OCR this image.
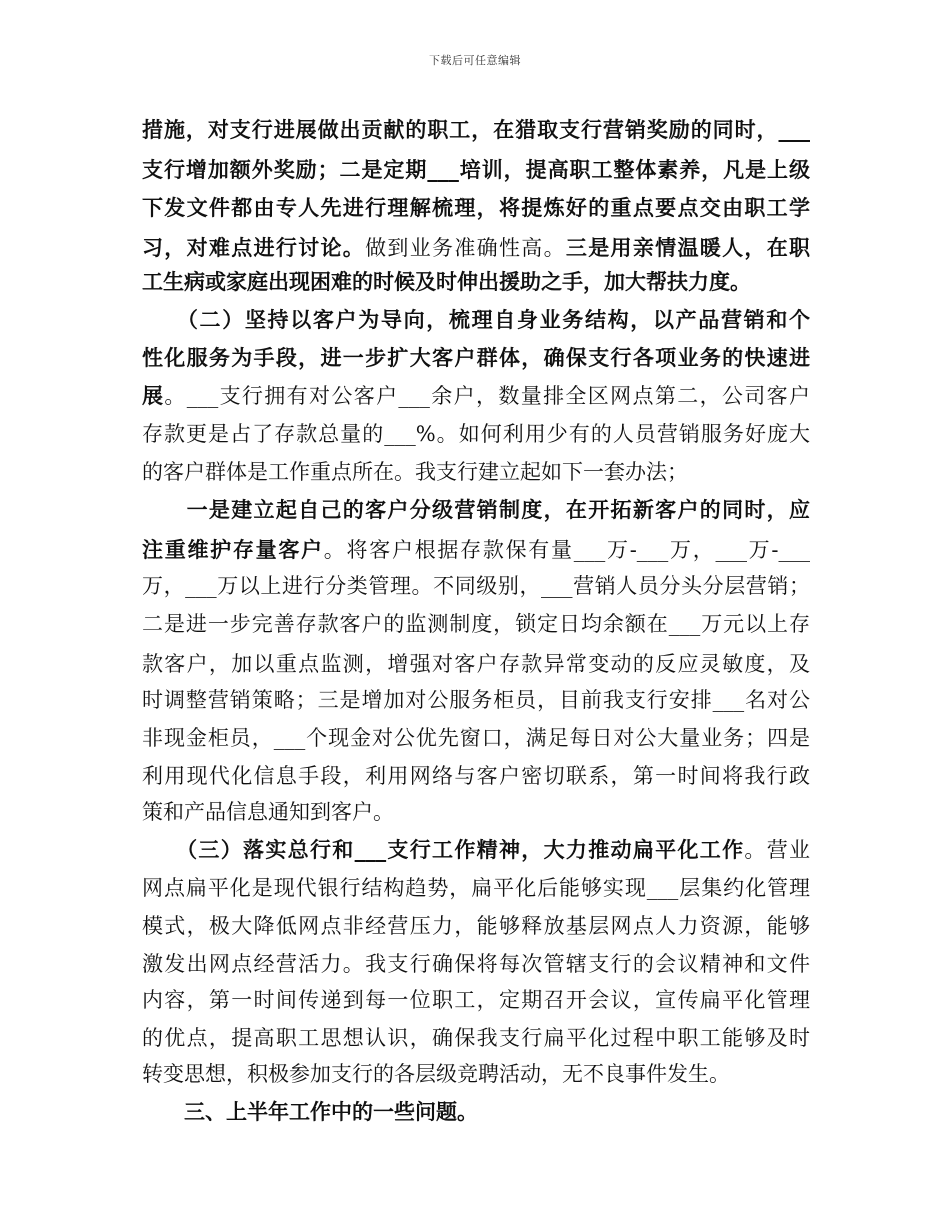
下载后可任意编辑
措施，对支行进展做出贡献的职工，在猎取支行营销奖励的同时，___
支行增加额外奖励；二是定期___培训，提高职工整体素养，凡是上级
下发文件都由专人先进行理解梳理，将提炼好的重点要点交由职工学
习，对难点进行讨论。做到业务准确性高。三是用亲情温暖人，在职
工生病或家庭出现困难的时候及时伸出援助之手，加大帮扶力度。
　　（二）坚持以客户为导向，梳理自身业务结构，以产品营销和个
性化服务为手段，进一步扩大客户群体，确保支行各项业务的快速进
展。___支行拥有对公客户___余户，数量排全区网点第二，公司客户
存款更是占了存款总量的___%。如何利用少有的人员营销服务好庞大
的客户群体是工作重点所在。我支行建立起如下一套办法；
　　一是建立起自己的客户分级营销制度，在开拓新客户的同时，应
注重维护存量客户。将客户根据存款保有量___万-___万，___万-___
万，___万以上进行分类管理。不同级别，___营销人员分头分层营销；
二是进一步完善存款客户的监测制度，锁定日均余额在___万元以上存
款客户，加以重点监测，增强对客户存款异常变动的反应灵敏度，及
时调整营销策略；三是增加对公服务柜员，目前我支行安排___名对公
非现金柜员，___个现金对公优先窗口，满足每日对公大量业务；四是
利用现代化信息手段，利用网络与客户密切联系，第一时间将我行政
策和产品信息通知到客户。
　　（三）落实总行和___支行工作精神，大力推动扁平化工作。营业
网点扁平化是现代银行结构趋势，扁平化后能够实现___层集约化管理
模式，极大降低网点非经营压力，能够释放基层网点人力资源，能够
激发出网点经营活力。我支行确保将每次管辖支行的会议精神和文件
内容，第一时间传递到每一位职工，定期召开会议，宣传扁平化管理
的优点，提高职工思想认识，确保我支行扁平化过程中职工能够及时
转变思想，积极参加支行的各层级竞聘活动，无不良事件发生。
　　三、上半年工作中的一些问题。
